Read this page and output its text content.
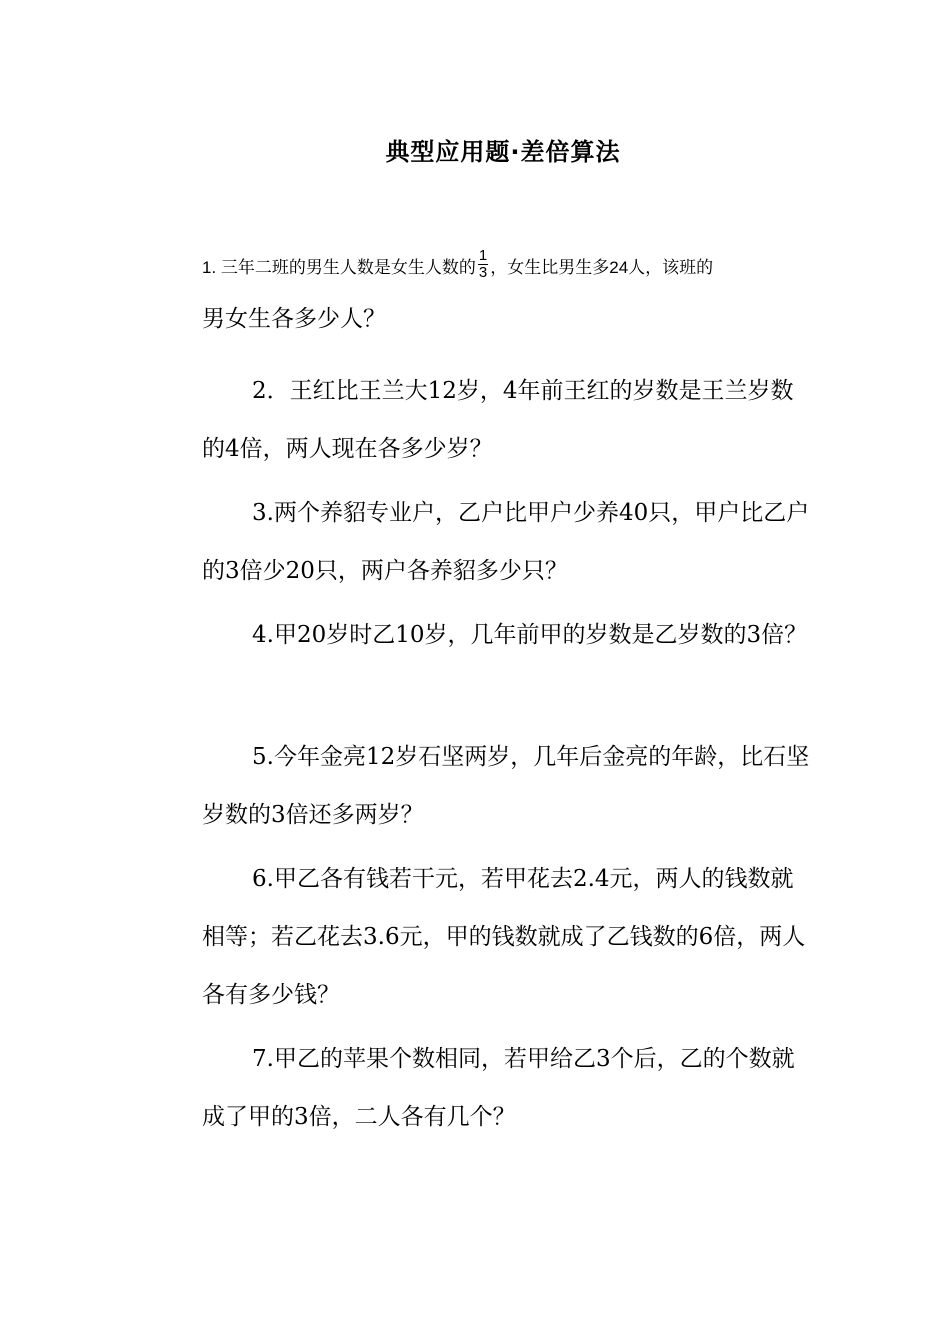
典型应用题·差倍算法
1. 三年二班的男生人数是女生人数的 $\frac{1}{3}$ ，女生比男生多24人，该班的
男女生各多少人？

2．王红比王兰大12岁，4年前王红的岁数是王兰岁数的4倍，两人现在各多少岁？

3.两个养貂专业户，乙户比甲户少养40只，甲户比乙户的3倍少20只，两户各养貂多少只？

4.甲20岁时乙10岁，几年前甲的岁数是乙岁数的3倍？

5.今年金亮12岁石坚两岁，几年后金亮的年龄，比石坚岁数的3倍还多两岁？

6.甲乙各有钱若干元，若甲花去2.4元，两人的钱数就相等；若乙花去3.6元，甲的钱数就成了乙钱数的6倍，两人各有多少钱？

7.甲乙的苹果个数相同，若甲给乙3个后，乙的个数就成了甲的3倍，二人各有几个？
